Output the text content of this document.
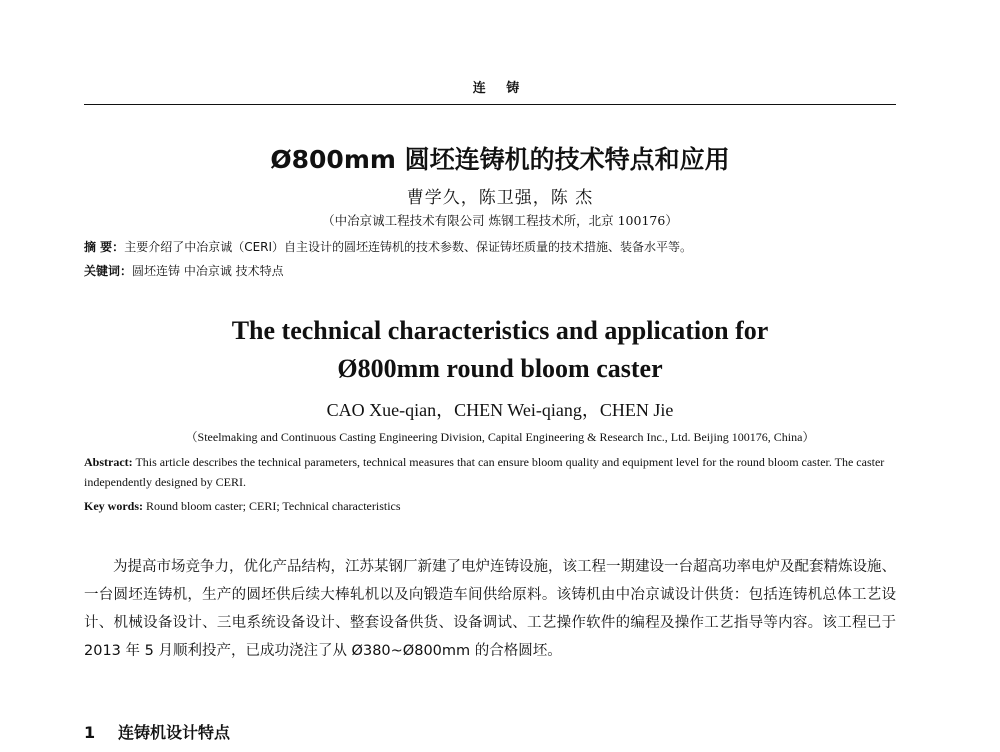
连 铸
Ø800mm 圆坯连铸机的技术特点和应用
曹学久，陈卫强，陈 杰
（中冶京诚工程技术有限公司 炼钢工程技术所，北京 100176）
摘 要：主要介绍了中冶京诚（CERI）自主设计的圆坯连铸机的技术参数、保证铸坯质量的技术措施、装备水平等。
关键词：圆坯连铸 中冶京诚 技术特点
The technical characteristics and application for
Ø800mm round bloom caster
CAO Xue-qian，CHEN Wei-qiang，CHEN Jie
（Steelmaking and Continuous Casting Engineering Division, Capital Engineering & Research Inc., Ltd. Beijing 100176, China）
Abstract: This article describes the technical parameters, technical measures that can ensure bloom quality and equipment level for the round bloom caster. The caster independently designed by CERI.
Key words: Round bloom caster; CERI; Technical characteristics
为提高市场竞争力，优化产品结构，江苏某钢厂新建了电炉连铸设施，该工程一期建设一台超高功率电炉及配套精炼设施、一台圆坯连铸机，生产的圆坯供后续大棒轧机以及向锻造车间供给原料。该铸机由中冶京诚设计供货：包括连铸机总体工艺设计、机械设备设计、三电系统设备设计、整套设备供货、设备调试、工艺操作软件的编程及操作工艺指导等内容。该工程已于 2013 年 5 月顺利投产，已成功浇注了从 Ø380~Ø800mm 的合格圆坯。
1 连铸机设计特点
